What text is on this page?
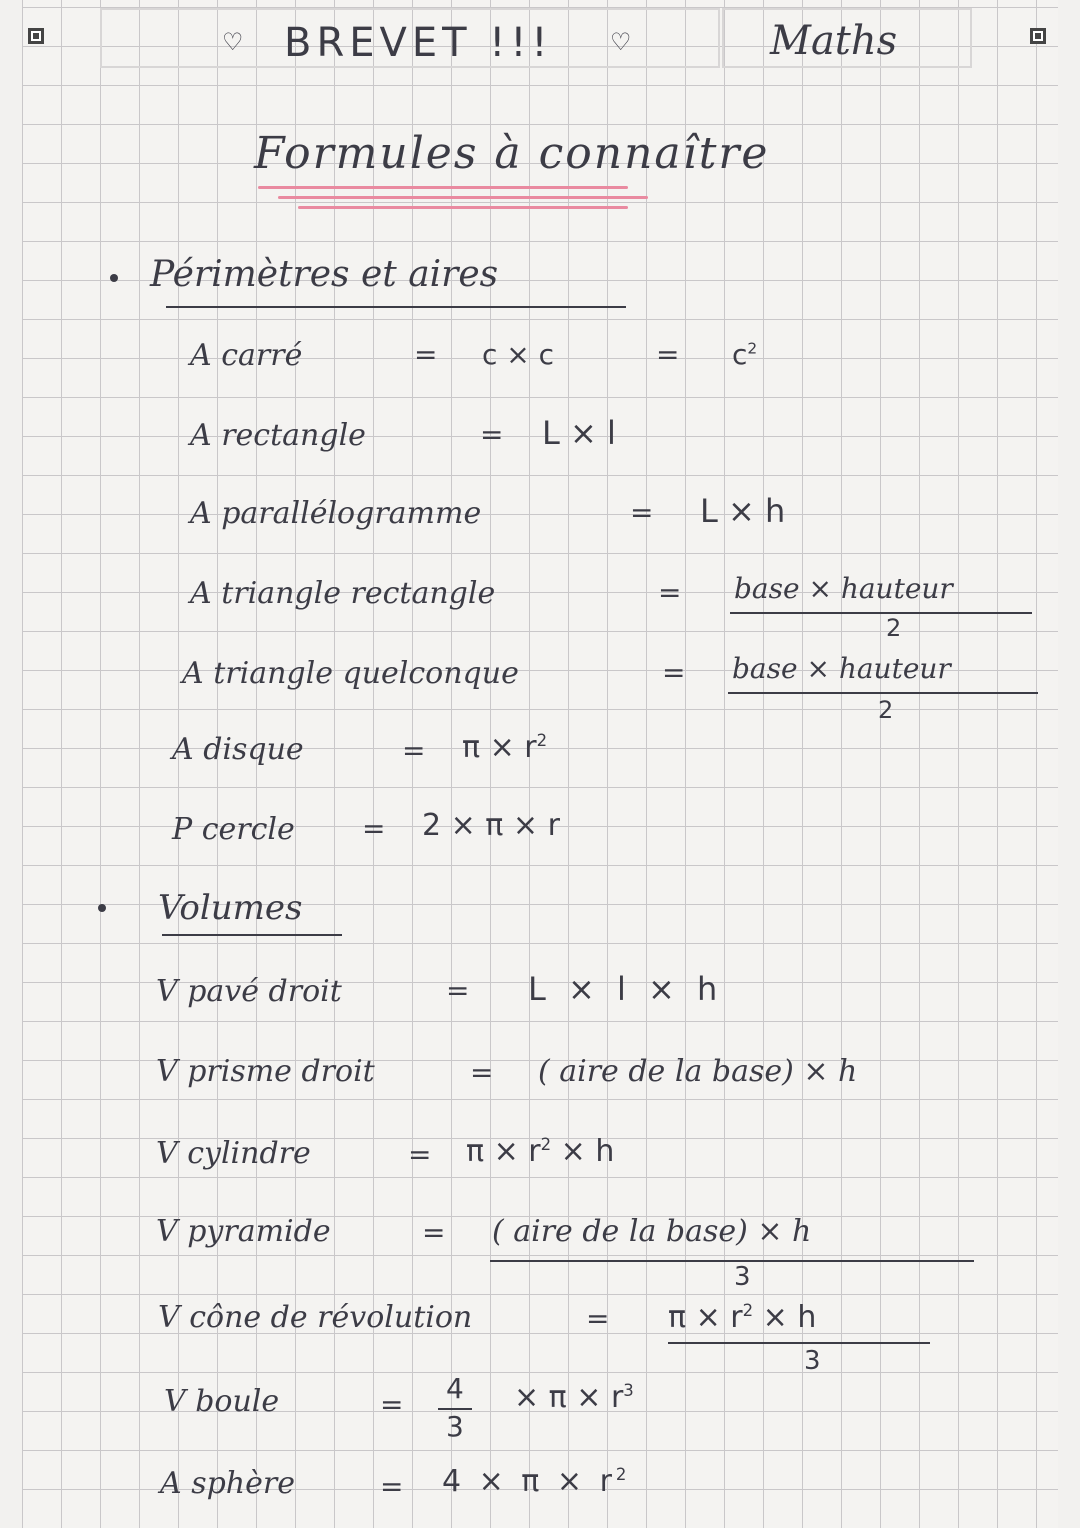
♡ BREVET !!! ♡	Maths
Formules à connaître
Périmètres et aires
A carré	= c × c	= $c^2$
A rectangle	= L × l
A parallélogramme	= L × h
A triangle rectangle	= base × hauteur
2
A triangle quelconque	= base × hauteur
2
A disque	= $\pi \times r^2$
P cercle = 2 × π × r
Volumes
V pavé droit	= L × l × h
V prisme droit	= ( aire de la base) × h
V cylindre	= $\pi \times r^2 \times h$
V pyramide	= ( aire de la base) × h
3
V cône de révolution	= $\pi \times r^2 \times h$
3
V boule	= 4
3
× $\pi \times r^3$
A sphère	= $4 \times \pi \times r^2$
